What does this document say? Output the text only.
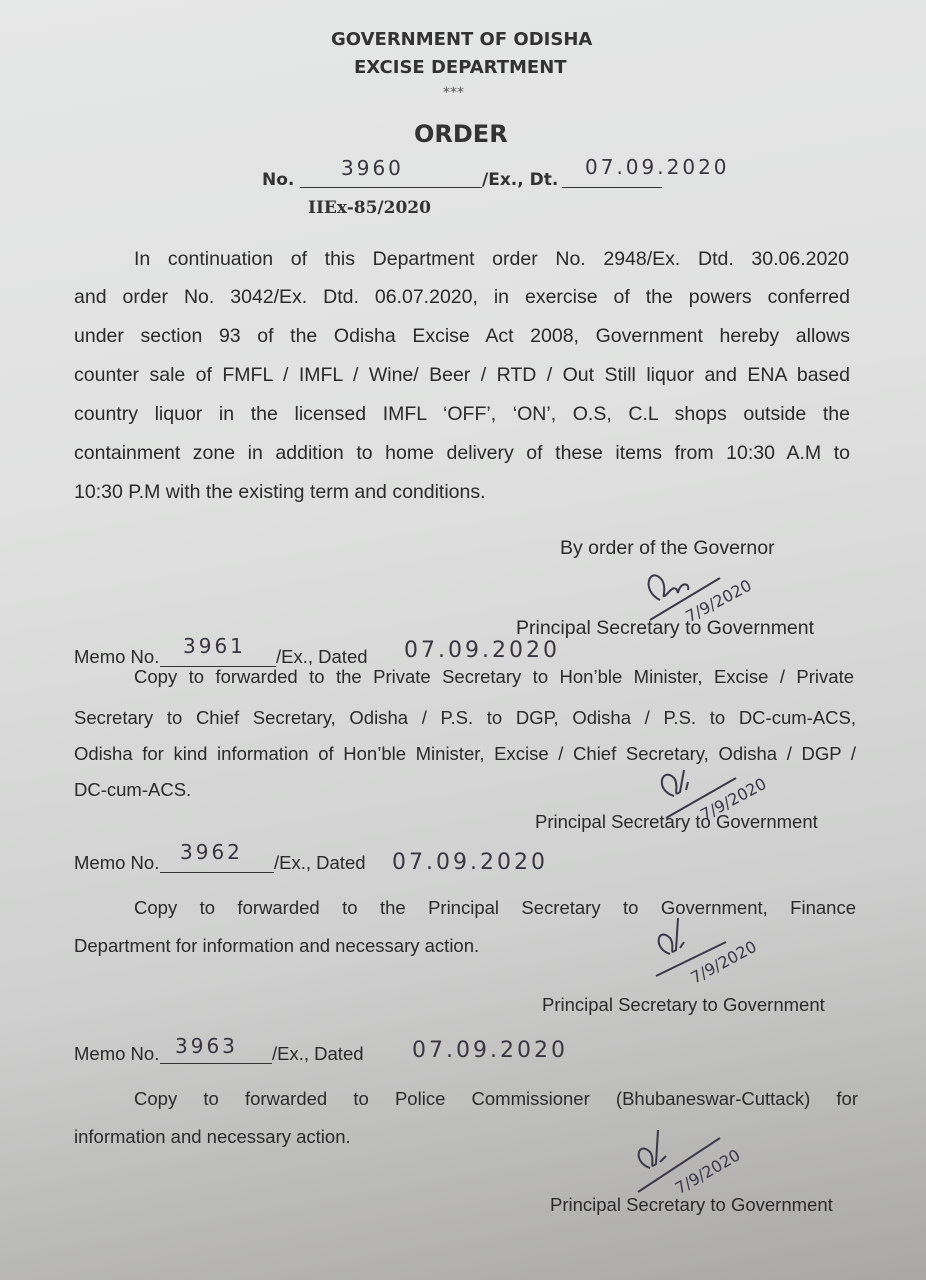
GOVERNMENT OF ODISHA
EXCISE DEPARTMENT
***
ORDER
No. 3960	/Ex., Dt.
07.09.2020
IIEx-85/2020
In continuation of this Department order No. 2948/Ex. Dtd. 30.06.2020
and order No. 3042/Ex. Dtd. 06.07.2020, in exercise of the powers conferred
under section 93 of the Odisha Excise Act 2008, Government hereby allows
counter sale of FMFL / IMFL / Wine/ Beer / RTD / Out Still liquor and ENA based
country liquor in the licensed IMFL ‘OFF’, ‘ON’, O.S, C.L shops outside the
containment zone in addition to home delivery of these items from 10:30 A.M to
10:30 P.M with the existing term and conditions.
By order of the Governor
7/9/2020
Principal Secretary to Government
Memo No. 3961 /Ex., Dated 07.09.2020
Copy to forwarded to the Private Secretary to Hon’ble Minister, Excise / Private
Secretary to Chief Secretary, Odisha / P.S. to DGP, Odisha / P.S. to DC-cum-ACS,
Odisha for kind information of Hon’ble Minister, Excise / Chief Secretary, Odisha / DGP /
DC-cum-ACS.	7/9/2020
Principal Secretary to Government
Memo No. 3962 /Ex., Dated 07.09.2020
Copy to forwarded to the Principal Secretary to Government, Finance
Department for information and necessary action.	7/9/2020
Principal Secretary to Government
Memo No. 3963 /Ex., Dated 07.09.2020
Copy to forwarded to Police Commissioner (Bhubaneswar-Cuttack) for
information and necessary action.
7/9/2020
Principal Secretary to Government
